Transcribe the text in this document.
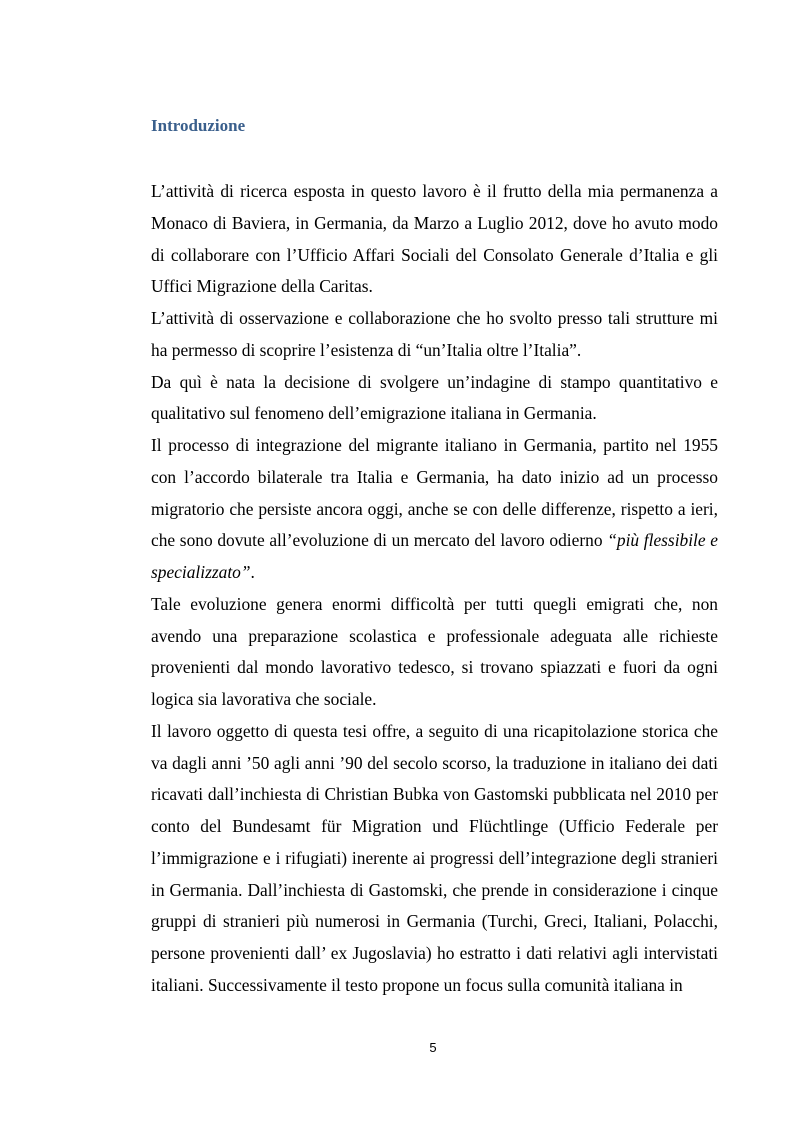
Introduzione

L’attività di ricerca esposta in questo lavoro è il frutto della mia permanenza a Monaco di Baviera, in Germania, da Marzo a Luglio 2012, dove ho avuto modo di collaborare con l’Ufficio Affari Sociali del Consolato Generale d’Italia e gli Uffici Migrazione della Caritas.

L’attività di osservazione e collaborazione che ho svolto presso tali strutture mi ha permesso di scoprire l’esistenza di “un’Italia oltre l’Italia”.

Da quì è nata la decisione di svolgere un’indagine di stampo quantitativo e qualitativo sul fenomeno dell’emigrazione italiana in Germania.

Il processo di integrazione del migrante italiano in Germania, partito nel 1955 con l’accordo bilaterale tra Italia e Germania, ha dato inizio ad un processo migratorio che persiste ancora oggi, anche se con delle differenze, rispetto a ieri, che sono dovute all’evoluzione di un mercato del lavoro odierno “più flessibile e specializzato”.

Tale evoluzione genera enormi difficoltà per tutti quegli emigrati che, non avendo una preparazione scolastica e professionale adeguata alle richieste provenienti dal mondo lavorativo tedesco, si trovano spiazzati e fuori da ogni logica sia lavorativa che sociale.

Il lavoro oggetto di questa tesi offre, a seguito di una ricapitolazione storica che va dagli anni ’50 agli anni ’90 del secolo scorso, la traduzione in italiano dei dati ricavati dall’inchiesta di Christian Bubka von Gastomski pubblicata nel 2010 per conto del Bundesamt für Migration und Flüchtlinge (Ufficio Federale per l’immigrazione e i rifugiati) inerente ai progressi dell’integrazione degli stranieri in Germania. Dall’inchiesta di Gastomski, che prende in considerazione i cinque gruppi di stranieri più numerosi in Germania (Turchi, Greci, Italiani, Polacchi, persone provenienti dall’ ex Jugoslavia) ho estratto i dati relativi agli intervistati italiani. Successivamente il testo propone un focus sulla comunità italiana in

5
